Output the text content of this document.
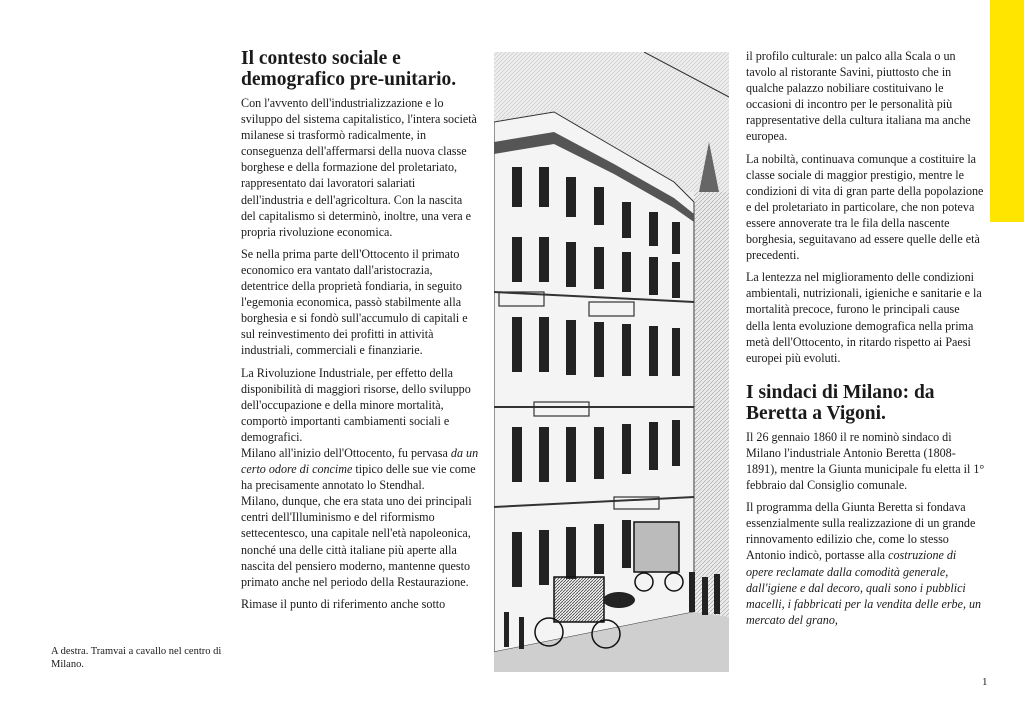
A destra. Tramvai a cavallo nel centro di Milano.
Il contesto sociale e demografico pre-unitario.

Con l'avvento dell'industrializzazione e lo sviluppo del sistema capitalistico, l'intera società milanese si trasformò radicalmente, in conseguenza dell'affermarsi della nuova classe borghese e della formazione del proletariato, rappresentato dai lavoratori salariati dell'industria e dell'agricoltura. Con la nascita del capitalismo si determinò, inoltre, una vera e propria rivoluzione economica.

Se nella prima parte dell'Ottocento il primato economico era vantato dall'aristocrazia, detentrice della proprietà fondiaria, in seguito l'egemonia economica, passò stabilmente alla borghesia e si fondò sull'accumulo di capitali e sul reinvestimento dei profitti in attività industriali, commerciali e finanziarie.

La Rivoluzione Industriale, per effetto della disponibilità di maggiori risorse, dello sviluppo dell'occupazione e della minore mortalità, comportò importanti cambiamenti sociali e demografici.

Milano all'inizio dell'Ottocento, fu pervasa da un certo odore di concime tipico delle sue vie come ha precisamente annotato lo Stendhal.

Milano, dunque, che era stata uno dei principali centri dell'Illuminismo e del riformismo settecentesco, una capitale nell'età napoleonica, nonché una delle città italiane più aperte alla nascita del pensiero moderno, mantenne questo primato anche nel periodo della Restaurazione.

Rimase il punto di riferimento anche sotto

il profilo culturale: un palco alla Scala o un tavolo al ristorante Savini, piuttosto che in qualche palazzo nobiliare costituivano le occasioni di incontro per le personalità più rappresentative della cultura italiana ma anche europea.

La nobiltà, continuava comunque a costituire la classe sociale di maggior prestigio, mentre le condizioni di vita di gran parte della popolazione e del proletariato in particolare, che non poteva essere annoverate tra le fila della nascente borghesia, seguitavano ad essere quelle delle età precedenti.

La lentezza nel miglioramento delle condizioni ambientali, nutrizionali, igieniche e sanitarie e la mortalità precoce, furono le principali cause della lenta evoluzione demografica nella prima metà dell'Ottocento, in ritardo rispetto ai Paesi europei più evoluti.

I sindaci di Milano: da Beretta a Vigoni.

Il 26 gennaio 1860 il re nominò sindaco di Milano l'industriale Antonio Beretta (1808-1891), mentre la Giunta municipale fu eletta il 1° febbraio dal Consiglio comunale.

Il programma della Giunta Beretta si fondava essenzialmente sulla realizzazione di un grande rinnovamento edilizio che, come lo stesso Antonio indicò, portasse alla costruzione di opere reclamate dalla comodità generale, dall'igiene e dal decoro, quali sono i pubblici macelli, i fabbricati per la vendita delle erbe, un mercato del grano,

1
